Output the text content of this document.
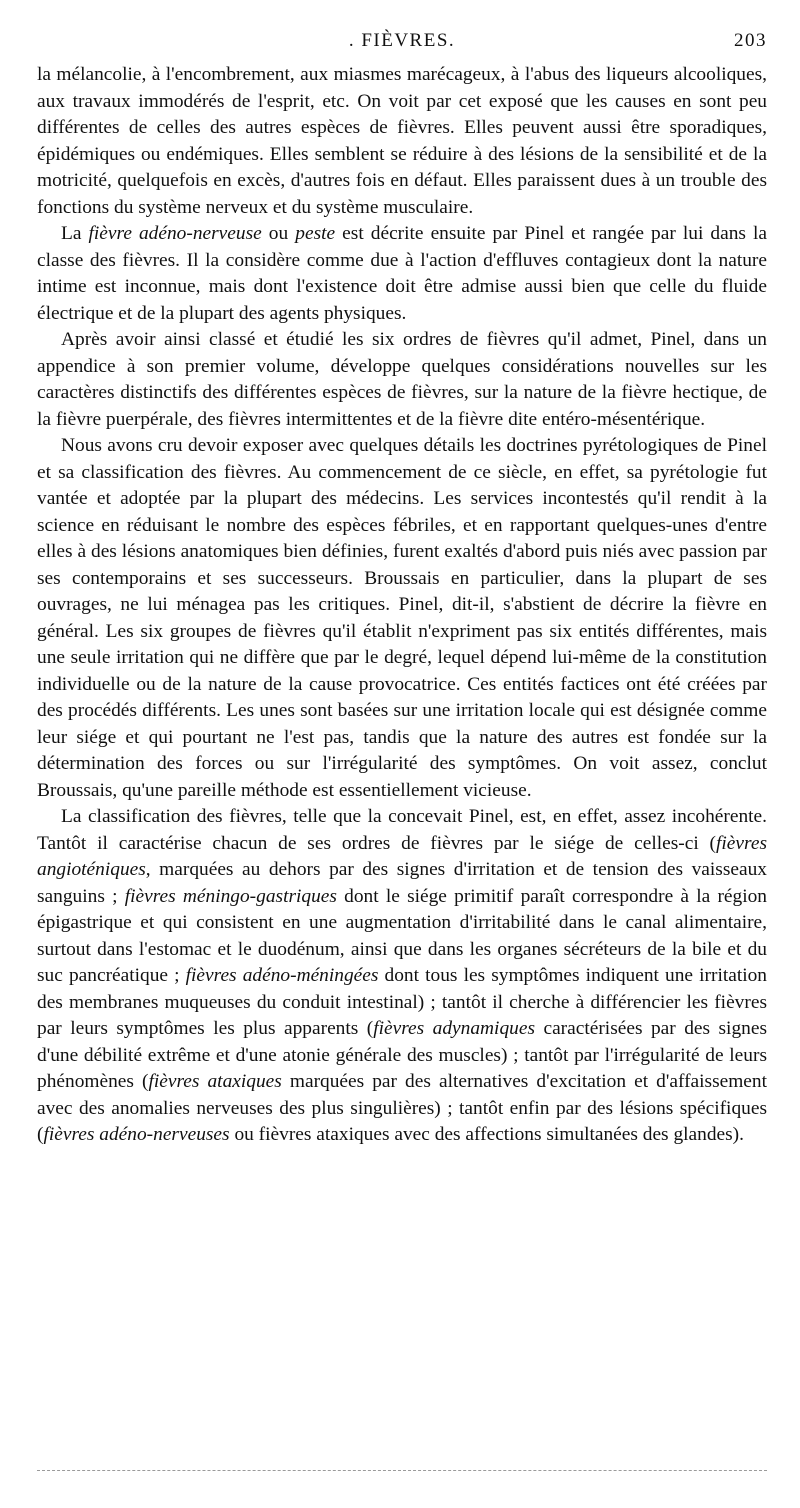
. FIÈVRES.	203

la mélancolie, à l'encombrement, aux miasmes marécageux, à l'abus des liqueurs alcooliques, aux travaux immodérés de l'esprit, etc. On voit par cet exposé que les causes en sont peu différentes de celles des autres espèces de fièvres. Elles peuvent aussi être sporadiques, épidémiques ou endémiques. Elles semblent se réduire à des lésions de la sensibilité et de la motricité, quelquefois en excès, d'autres fois en défaut. Elles paraissent dues à un trouble des fonctions du système nerveux et du système musculaire.

La fièvre adéno-nerveuse ou peste est décrite ensuite par Pinel et rangée par lui dans la classe des fièvres. Il la considère comme due à l'action d'effluves contagieux dont la nature intime est inconnue, mais dont l'existence doit être admise aussi bien que celle du fluide électrique et de la plupart des agents physiques.

Après avoir ainsi classé et étudié les six ordres de fièvres qu'il admet, Pinel, dans un appendice à son premier volume, développe quelques considérations nouvelles sur les caractères distinctifs des différentes espèces de fièvres, sur la nature de la fièvre hectique, de la fièvre puerpérale, des fièvres intermittentes et de la fièvre dite entéro-mésentérique.

Nous avons cru devoir exposer avec quelques détails les doctrines pyrétologiques de Pinel et sa classification des fièvres. Au commencement de ce siècle, en effet, sa pyrétologie fut vantée et adoptée par la plupart des médecins. Les services incontestés qu'il rendit à la science en réduisant le nombre des espèces fébriles, et en rapportant quelques-unes d'entre elles à des lésions anatomiques bien définies, furent exaltés d'abord puis niés avec passion par ses contemporains et ses successeurs. Broussais en particulier, dans la plupart de ses ouvrages, ne lui ménagea pas les critiques. Pinel, dit-il, s'abstient de décrire la fièvre en général. Les six groupes de fièvres qu'il établit n'expriment pas six entités différentes, mais une seule irritation qui ne diffère que par le degré, lequel dépend lui-même de la constitution individuelle ou de la nature de la cause provocatrice. Ces entités factices ont été créées par des procédés différents. Les unes sont basées sur une irritation locale qui est désignée comme leur siége et qui pourtant ne l'est pas, tandis que la nature des autres est fondée sur la détermination des forces ou sur l'irrégularité des symptômes. On voit assez, conclut Broussais, qu'une pareille méthode est essentiellement vicieuse.

La classification des fièvres, telle que la concevait Pinel, est, en effet, assez incohérente. Tantôt il caractérise chacun de ses ordres de fièvres par le siége de celles-ci (fièvres angioténiques, marquées au dehors par des signes d'irritation et de tension des vaisseaux sanguins ; fièvres méningo-gastriques dont le siége primitif paraît correspondre à la région épigastrique et qui consistent en une augmentation d'irritabilité dans le canal alimentaire, surtout dans l'estomac et le duodénum, ainsi que dans les organes sécréteurs de la bile et du suc pancréatique ; fièvres adéno-méningées dont tous les symptômes indiquent une irritation des membranes muqueuses du conduit intestinal) ; tantôt il cherche à différencier les fièvres par leurs symptômes les plus apparents (fièvres adynamiques caractérisées par des signes d'une débilité extrême et d'une atonie générale des muscles) ; tantôt par l'irrégularité de leurs phénomènes (fièvres ataxiques marquées par des alternatives d'excitation et d'affaissement avec des anomalies nerveuses des plus singulières) ; tantôt enfin par des lésions spécifiques (fièvres adéno-nerveuses ou fièvres ataxiques avec des affections simultanées des glandes).
